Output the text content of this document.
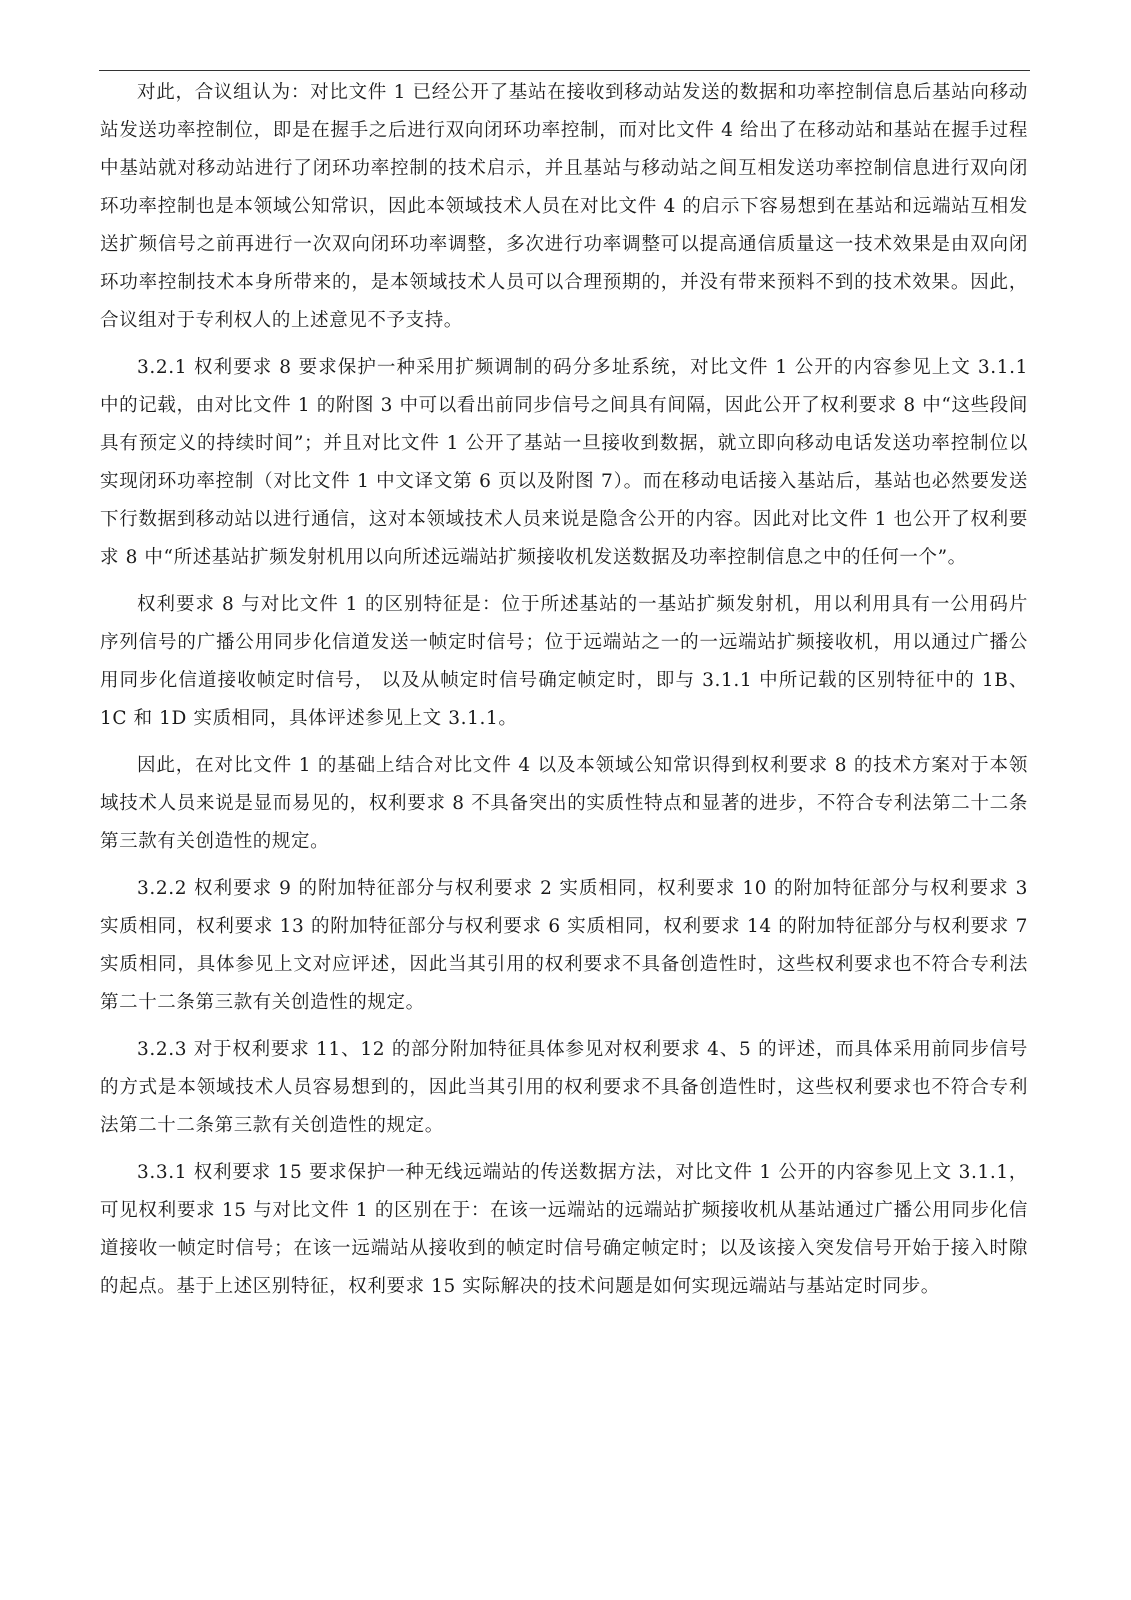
对此，合议组认为：对比文件 1 已经公开了基站在接收到移动站发送的数据和功率控制信息后基站向移动站发送功率控制位，即是在握手之后进行双向闭环功率控制，而对比文件 4 给出了在移动站和基站在握手过程中基站就对移动站进行了闭环功率控制的技术启示，并且基站与移动站之间互相发送功率控制信息进行双向闭环功率控制也是本领域公知常识，因此本领域技术人员在对比文件 4 的启示下容易想到在基站和远端站互相发送扩频信号之前再进行一次双向闭环功率调整，多次进行功率调整可以提高通信质量这一技术效果是由双向闭环功率控制技术本身所带来的，是本领域技术人员可以合理预期的，并没有带来预料不到的技术效果。因此，合议组对于专利权人的上述意见不予支持。

3.2.1 权利要求 8 要求保护一种采用扩频调制的码分多址系统，对比文件 1 公开的内容参见上文 3.1.1 中的记载，由对比文件 1 的附图 3 中可以看出前同步信号之间具有间隔，因此公开了权利要求 8 中“这些段间具有预定义的持续时间”；并且对比文件 1 公开了基站一旦接收到数据，就立即向移动电话发送功率控制位以实现闭环功率控制（对比文件 1 中文译文第 6 页以及附图 7）。而在移动电话接入基站后，基站也必然要发送下行数据到移动站以进行通信，这对本领域技术人员来说是隐含公开的内容。因此对比文件 1 也公开了权利要求 8 中“所述基站扩频发射机用以向所述远端站扩频接收机发送数据及功率控制信息之中的任何一个”。

权利要求 8 与对比文件 1 的区别特征是：位于所述基站的一基站扩频发射机，用以利用具有一公用码片序列信号的广播公用同步化信道发送一帧定时信号；位于远端站之一的一远端站扩频接收机，用以通过广播公用同步化信道接收帧定时信号， 以及从帧定时信号确定帧定时，即与 3.1.1 中所记载的区别特征中的 1B、1C 和 1D 实质相同，具体评述参见上文 3.1.1。

因此，在对比文件 1 的基础上结合对比文件 4 以及本领域公知常识得到权利要求 8 的技术方案对于本领域技术人员来说是显而易见的，权利要求 8 不具备突出的实质性特点和显著的进步，不符合专利法第二十二条第三款有关创造性的规定。

3.2.2 权利要求 9 的附加特征部分与权利要求 2 实质相同，权利要求 10 的附加特征部分与权利要求 3 实质相同，权利要求 13 的附加特征部分与权利要求 6 实质相同，权利要求 14 的附加特征部分与权利要求 7 实质相同，具体参见上文对应评述，因此当其引用的权利要求不具备创造性时，这些权利要求也不符合专利法第二十二条第三款有关创造性的规定。

3.2.3 对于权利要求 11、12 的部分附加特征具体参见对权利要求 4、5 的评述，而具体采用前同步信号的方式是本领域技术人员容易想到的，因此当其引用的权利要求不具备创造性时，这些权利要求也不符合专利法第二十二条第三款有关创造性的规定。

3.3.1 权利要求 15 要求保护一种无线远端站的传送数据方法，对比文件 1 公开的内容参见上文 3.1.1，可见权利要求 15 与对比文件 1 的区别在于：在该一远端站的远端站扩频接收机从基站通过广播公用同步化信道接收一帧定时信号；在该一远端站从接收到的帧定时信号确定帧定时；以及该接入突发信号开始于接入时隙的起点。基于上述区别特征，权利要求 15 实际解决的技术问题是如何实现远端站与基站定时同步。
